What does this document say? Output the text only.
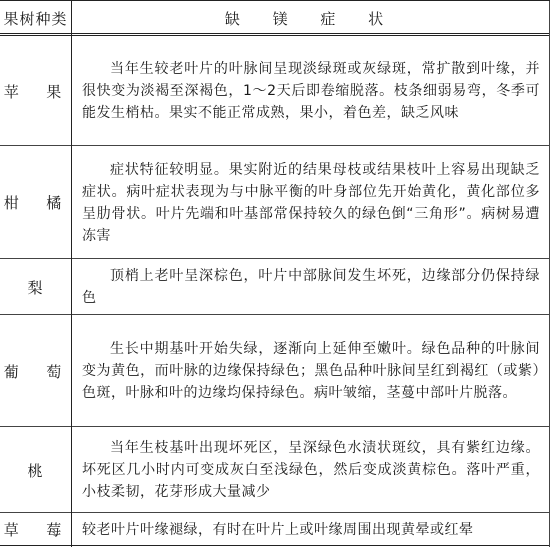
果树种类	缺 镁 症 状
苹  果

当年生较老叶片的叶脉间呈现淡绿斑或灰绿斑，常扩散到叶缘，并很快变为淡褐至深褐色，1～2天后即卷缩脱落。枝条细弱易弯，冬季可能发生梢枯。果实不能正常成熟，果小，着色差，缺乏风味

柑  橘

症状特征较明显。果实附近的结果母枝或结果枝叶上容易出现缺乏症状。病叶症状表现为与中脉平衡的叶身部位先开始黄化，黄化部位多呈肋骨状。叶片先端和叶基部常保持较久的绿色倒“三角形”。病树易遭冻害

梨

顶梢上老叶呈深棕色，叶片中部脉间发生坏死，边缘部分仍保持绿色

葡  萄

生长中期基叶开始失绿，逐渐向上延伸至嫩叶。绿色品种的叶脉间变为黄色，而叶脉的边缘保持绿色；黑色品种叶脉间呈红到褐红（或紫）色斑，叶脉和叶的边缘均保持绿色。病叶皱缩，茎蔓中部叶片脱落。

桃

当年生枝基叶出现坏死区，呈深绿色水渍状斑纹，具有紫红边缘。坏死区几小时内可变成灰白至浅绿色，然后变成淡黄棕色。落叶严重，小枝柔韧，花芽形成大量减少

草  莓 较老叶片叶缘褪绿，有时在叶片上或叶缘周围出现黄晕或红晕
